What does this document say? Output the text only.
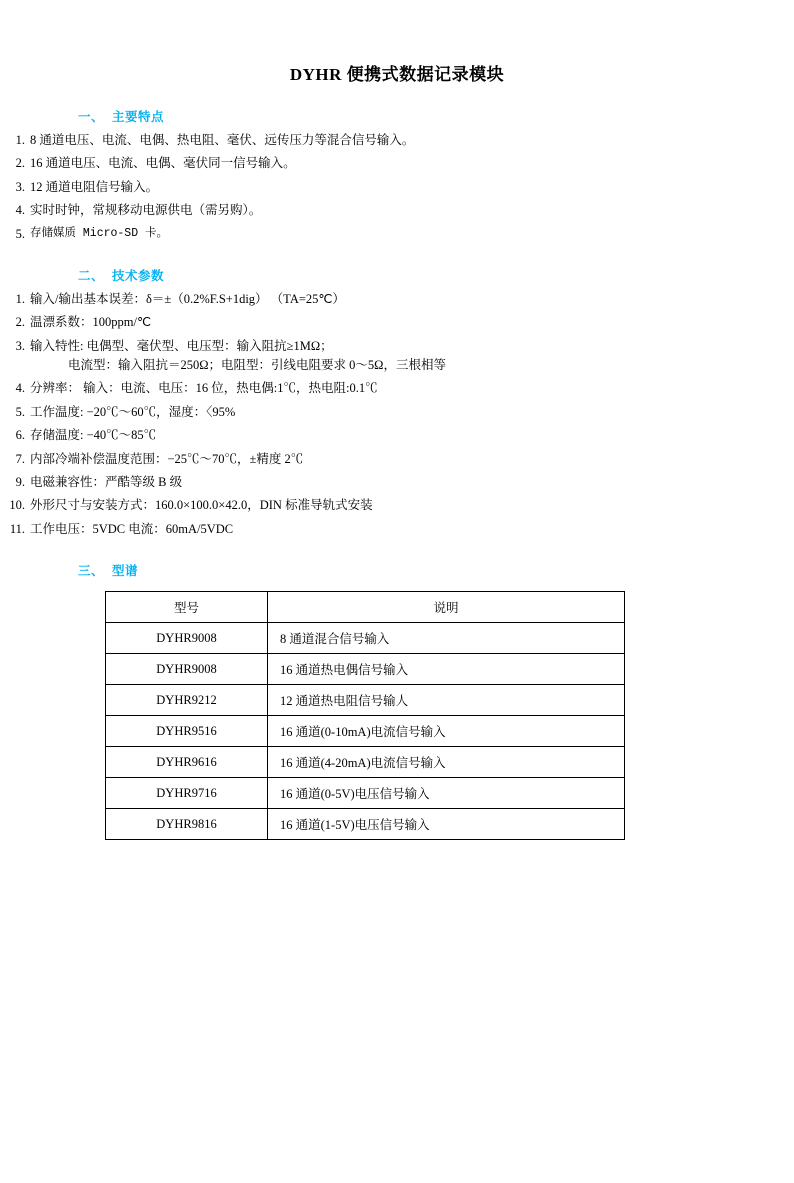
DYHR 便携式数据记录模块
一、 主要特点
1. 8 通道电压、电流、电偶、热电阻、毫伏、远传压力等混合信号输入。
2. 16 通道电压、电流、电偶、毫伏同一信号输入。
3. 12 通道电阻信号输入。
4. 实时时钟，常规移动电源供电（需另购）。
5. 存储媒质 Micro-SD 卡。
二、 技术参数
1. 输入/输出基本误差：δ＝±（0.2%F.S+1dig） （TA=25℃）
2. 温漂系数：100ppm/℃
3. 输入特性: 电偶型、毫伏型、电压型：输入阻抗≥1MΩ；
电流型：输入阻抗＝250Ω；电阻型：引线电阻要求 0～5Ω，三根相等
4. 分辨率： 输入：电流、电压：16 位，热电偶:1℃，热电阻:0.1℃
5. 工作温度: −20℃～60℃，湿度：〈95%
6. 存储温度: −40℃～85℃
7. 内部冷端补偿温度范围：−25℃～70℃，±精度 2℃
9. 电磁兼容性：严酷等级 B 级
10. 外形尺寸与安装方式：160.0×100.0×42.0，DIN 标准导轨式安装
11. 工作电压：5VDC 电流：60mA/5VDC
三、 型谱
型号	说明
DYHR9008	8 通道混合信号输入
DYHR9008	16 通道热电偶信号输入
DYHR9212	12 通道热电阻信号输人
DYHR9516	16 通道(0-10mA)电流信号输入
DYHR9616	16 通道(4-20mA)电流信号输入
DYHR9716	16 通道(0-5V)电压信号输入
DYHR9816	16 通道(1-5V)电压信号输入
